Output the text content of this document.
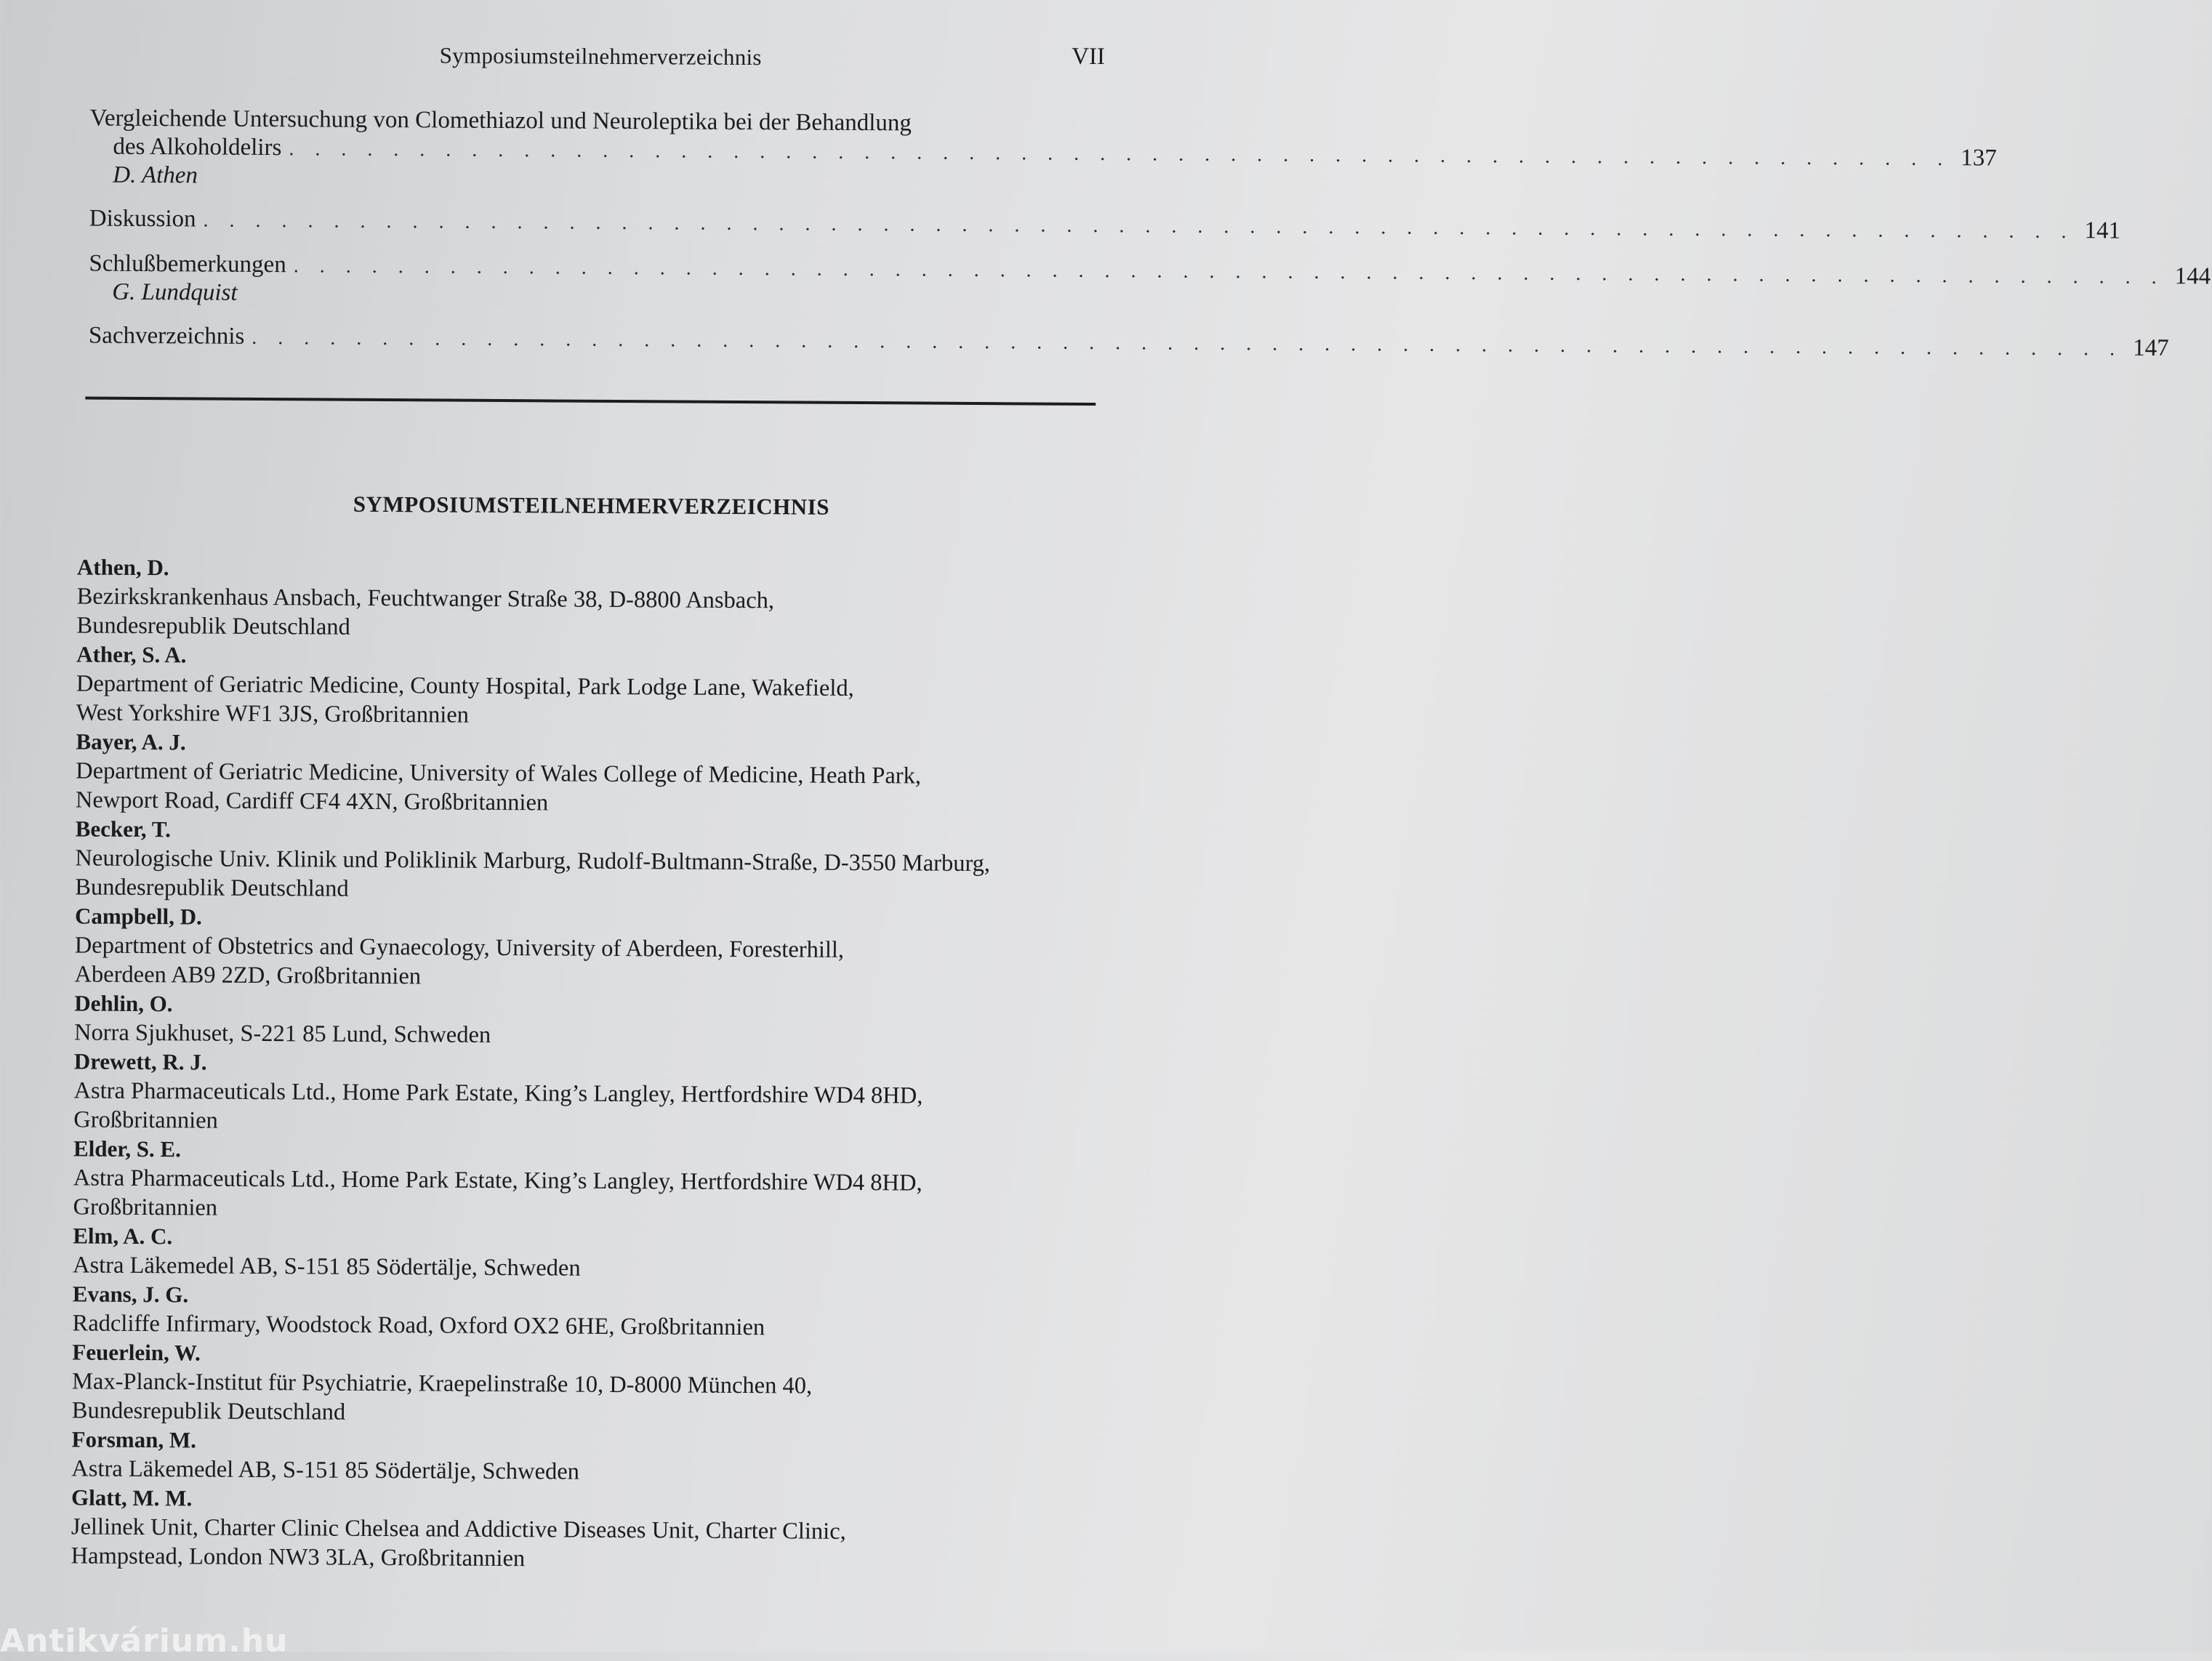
Symposiumsteilnehmerverzeichnis	VII
Vergleichende Untersuchung von Clomethiazol und Neuroleptika bei der Behandlung
des Alkoholdelirs . . . . . . . . . . . . . . . . . . . . . . . . . . . . . . . . . . . . . . . . . . . . . . . . . . . . . . . . . . . . . . . . 137
D. Athen
Diskussion . . . . . . . . . . . . . . . . . . . . . . . . . . . . . . . . . . . . . . . . . . . . . . . . . . . . . . . . . . . . . . . . . . . . . . . . 141
Schlußbemerkungen . . . . . . . . . . . . . . . . . . . . . . . . . . . . . . . . . . . . . . . . . . . . . . . . . . . . . . . . . . . . . . . . . . . . . . . . 144
G. Lundquist
Sachverzeichnis . . . . . . . . . . . . . . . . . . . . . . . . . . . . . . . . . . . . . . . . . . . . . . . . . . . . . . . . . . . . . . . . . . . . . . . . 147
SYMPOSIUMSTEILNEHMERVERZEICHNIS
Athen, D.
Bezirkskrankenhaus Ansbach, Feuchtwanger Straße 38, D-8800 Ansbach,
Bundesrepublik Deutschland
Ather, S. A.
Department of Geriatric Medicine, County Hospital, Park Lodge Lane, Wakefield,
West Yorkshire WF1 3JS, Großbritannien
Bayer, A. J.
Department of Geriatric Medicine, University of Wales College of Medicine, Heath Park,
Newport Road, Cardiff CF4 4XN, Großbritannien
Becker, T.
Neurologische Univ. Klinik und Poliklinik Marburg, Rudolf-Bultmann-Straße, D-3550 Marburg,
Bundesrepublik Deutschland
Campbell, D.
Department of Obstetrics and Gynaecology, University of Aberdeen, Foresterhill,
Aberdeen AB9 2ZD, Großbritannien
Dehlin, O.
Norra Sjukhuset, S-221 85 Lund, Schweden
Drewett, R. J.
Astra Pharmaceuticals Ltd., Home Park Estate, King’s Langley, Hertfordshire WD4 8HD,
Großbritannien
Elder, S. E.
Astra Pharmaceuticals Ltd., Home Park Estate, King’s Langley, Hertfordshire WD4 8HD,
Großbritannien
Elm, A. C.
Astra Läkemedel AB, S-151 85 Södertälje, Schweden
Evans, J. G.
Radcliffe Infirmary, Woodstock Road, Oxford OX2 6HE, Großbritannien
Feuerlein, W.
Max-Planck-Institut für Psychiatrie, Kraepelinstraße 10, D-8000 München 40,
Bundesrepublik Deutschland
Forsman, M.
Astra Läkemedel AB, S-151 85 Södertälje, Schweden
Glatt, M. M.
Jellinek Unit, Charter Clinic Chelsea and Addictive Diseases Unit, Charter Clinic,
Hampstead, London NW3 3LA, Großbritannien
Antikvárium.hu
